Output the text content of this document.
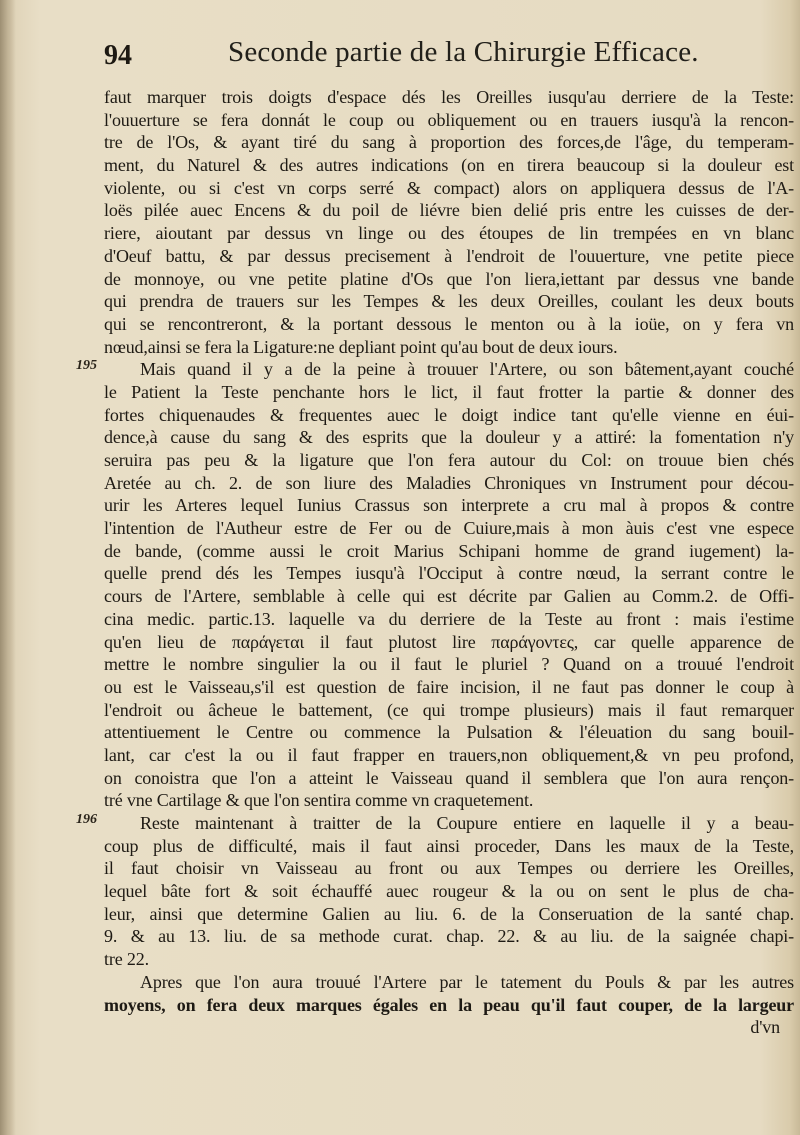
94	Seconde partie de la Chirurgie Efficace.
faut marquer trois doigts d'espace dés les Oreilles iusqu'au derriere de la Teste:
l'ouuerture se fera donnát le coup ou obliquement ou en trauers iusqu'à la rencon-
tre de l'Os, & ayant tiré du sang à proportion des forces,de l'âge, du temperam-
ment, du Naturel & des autres indications (on en tirera beaucoup si la douleur est
violente, ou si c'est vn corps serré & compact) alors on appliquera dessus de l'A-
loës pilée auec Encens & du poil de liévre bien delié pris entre les cuisses de der-
riere, aioutant par dessus vn linge ou des étoupes de lin trempées en vn blanc
d'Oeuf battu, & par dessus precisement à l'endroit de l'ouuerture, vne petite piece
de monnoye, ou vne petite platine d'Os que l'on liera,iettant par dessus vne bande
qui prendra de trauers sur les Tempes & les deux Oreilles, coulant les deux bouts
qui se rencontreront, & la portant dessous le menton ou à la ioüe, on y fera vn
nœud,ainsi se fera la Ligature:ne depliant point qu'au bout de deux iours.
195	Mais quand il y a de la peine à trouuer l'Artere, ou son bâtement,ayant couché
le Patient la Teste penchante hors le lict, il faut frotter la partie & donner des
fortes chiquenaudes & frequentes auec le doigt indice tant qu'elle vienne en éui-
dence,à cause du sang & des esprits que la douleur y a attiré: la fomentation n'y
seruira pas peu & la ligature que l'on fera autour du Col: on trouue bien chés
Aretée au ch. 2. de son liure des Maladies Chroniques vn Instrument pour décou-
urir les Arteres lequel Iunius Crassus son interprete a cru mal à propos & contre
l'intention de l'Autheur estre de Fer ou de Cuiure,mais à mon àuis c'est vne espece
de bande, (comme aussi le croit Marius Schipani homme de grand iugement) la-
quelle prend dés les Tempes iusqu'à l'Occiput à contre nœud, la serrant contre le
cours de l'Artere, semblable à celle qui est décrite par Galien au Comm.2. de Offi-
cina medic. partic.13. laquelle va du derriere de la Teste au front : mais i'estime
qu'en lieu de παράγεται il faut plutost lire παράγοντες, car quelle apparence de
mettre le nombre singulier la ou il faut le pluriel ? Quand on a trouué l'endroit
ou est le Vaisseau,s'il est question de faire incision, il ne faut pas donner le coup à
l'endroit ou âcheue le battement, (ce qui trompe plusieurs) mais il faut remarquer
attentiuement le Centre ou commence la Pulsation & l'éleuation du sang bouil-
lant, car c'est la ou il faut frapper en trauers,non obliquement,& vn peu profond,
on conoistra que l'on a atteint le Vaisseau quand il semblera que l'on aura rençon-
tré vne Cartilage & que l'on sentira comme vn craquetement.
196	Reste maintenant à traitter de la Coupure entiere en laquelle il y a beau-
coup plus de difficulté, mais il faut ainsi proceder, Dans les maux de la Teste,
il faut choisir vn Vaisseau au front ou aux Tempes ou derriere les Oreilles,
lequel bâte fort & soit échauffé auec rougeur & la ou on sent le plus de cha-
leur, ainsi que determine Galien au liu. 6. de la Conseruation de la santé chap.
9. & au 13. liu. de sa methode curat. chap. 22. & au liu. de la saignée chapi-
tre 22.
Apres que l'on aura trouué l'Artere par le tatement du Pouls & par les autres
moyens, on fera deux marques égales en la peau qu'il faut couper, de la largeur
d'vn
